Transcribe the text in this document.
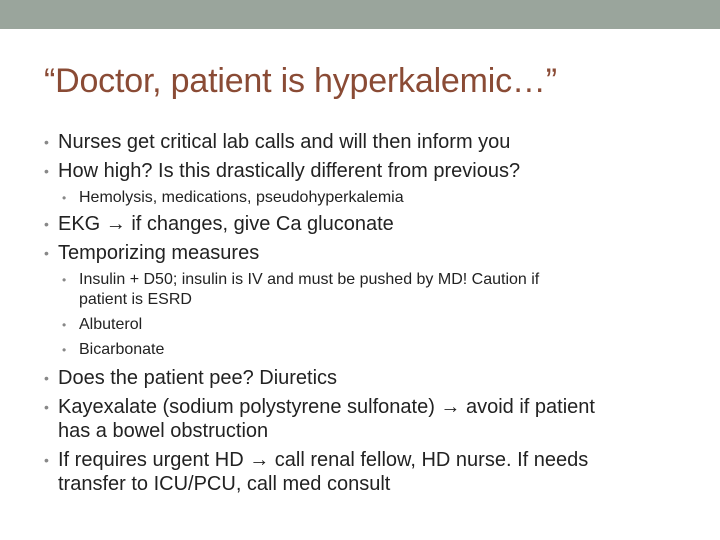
“Doctor, patient is hyperkalemic…”
• Nurses get critical lab calls and will then inform you
• How high? Is this drastically different from previous?
• Hemolysis, medications, pseudohyperkalemia
• EKG → if changes, give Ca gluconate
• Temporizing measures
• Insulin + D50; insulin is IV and must be pushed by MD! Caution if
patient is ESRD
• Albuterol
• Bicarbonate
• Does the patient pee? Diuretics
• Kayexalate (sodium polystyrene sulfonate) → avoid if patient
has a bowel obstruction
• If requires urgent HD → call renal fellow, HD nurse. If needs
transfer to ICU/PCU, call med consult
